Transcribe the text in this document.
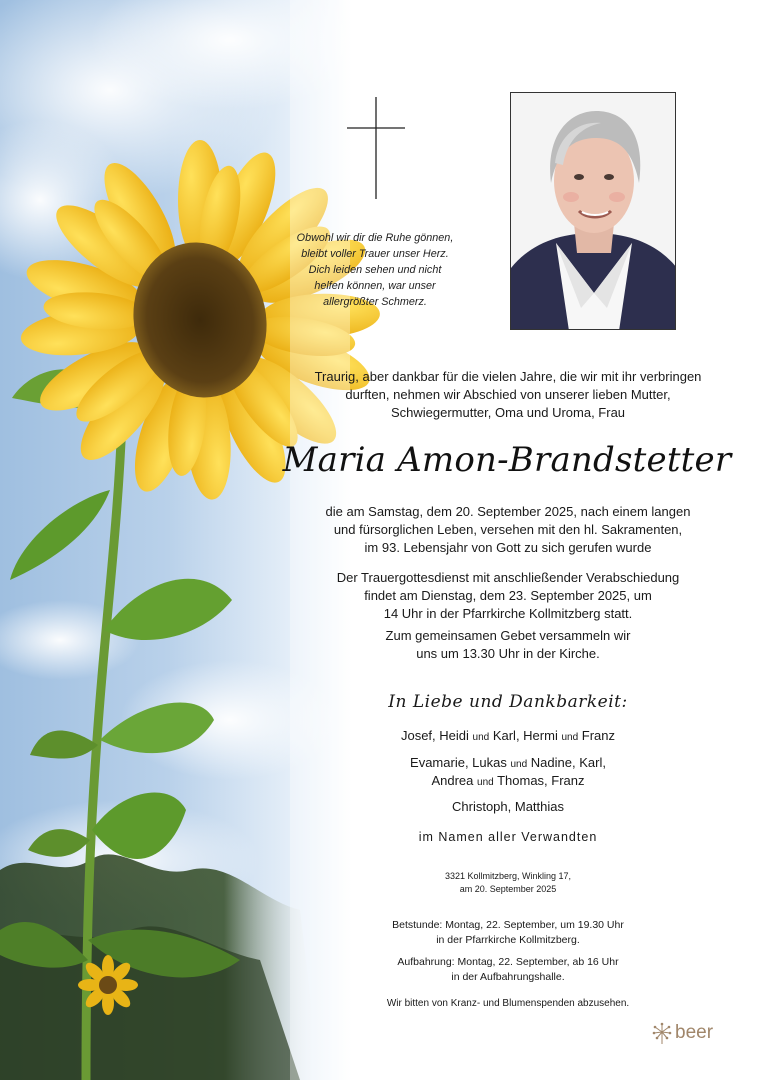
Obwohl wir dir die Ruhe gönnen,
bleibt voller Trauer unser Herz.
Dich leiden sehen und nicht
helfen können, war unser
allergrößter Schmerz.
Traurig, aber dankbar für die vielen Jahre, die wir mit ihr verbringen
durften, nehmen wir Abschied von unserer lieben Mutter,
Schwiegermutter, Oma und Uroma, Frau
Maria Amon-Brandstetter
die am Samstag, dem 20. September 2025, nach einem langen
und fürsorglichen Leben, versehen mit den hl. Sakramenten,
im 93. Lebensjahr von Gott zu sich gerufen wurde
Der Trauergottesdienst mit anschließender Verabschiedung
findet am Dienstag, dem 23. September 2025, um
14 Uhr in der Pfarrkirche Kollmitzberg statt.
Zum gemeinsamen Gebet versammeln wir
uns um 13.30 Uhr in der Kirche.
In Liebe und Dankbarkeit:
Josef, Heidi und Karl, Hermi und Franz
Evamarie, Lukas und Nadine, Karl,
Andrea und Thomas, Franz
Christoph, Matthias
im Namen aller Verwandten
3321 Kollmitzberg, Winkling 17,
am 20. September 2025
Betstunde: Montag, 22. September, um 19.30 Uhr
in der Pfarrkirche Kollmitzberg.
Aufbahrung: Montag, 22. September, ab 16 Uhr
in der Aufbahrungshalle.
Wir bitten von Kranz- und Blumenspenden abzusehen.
beer
